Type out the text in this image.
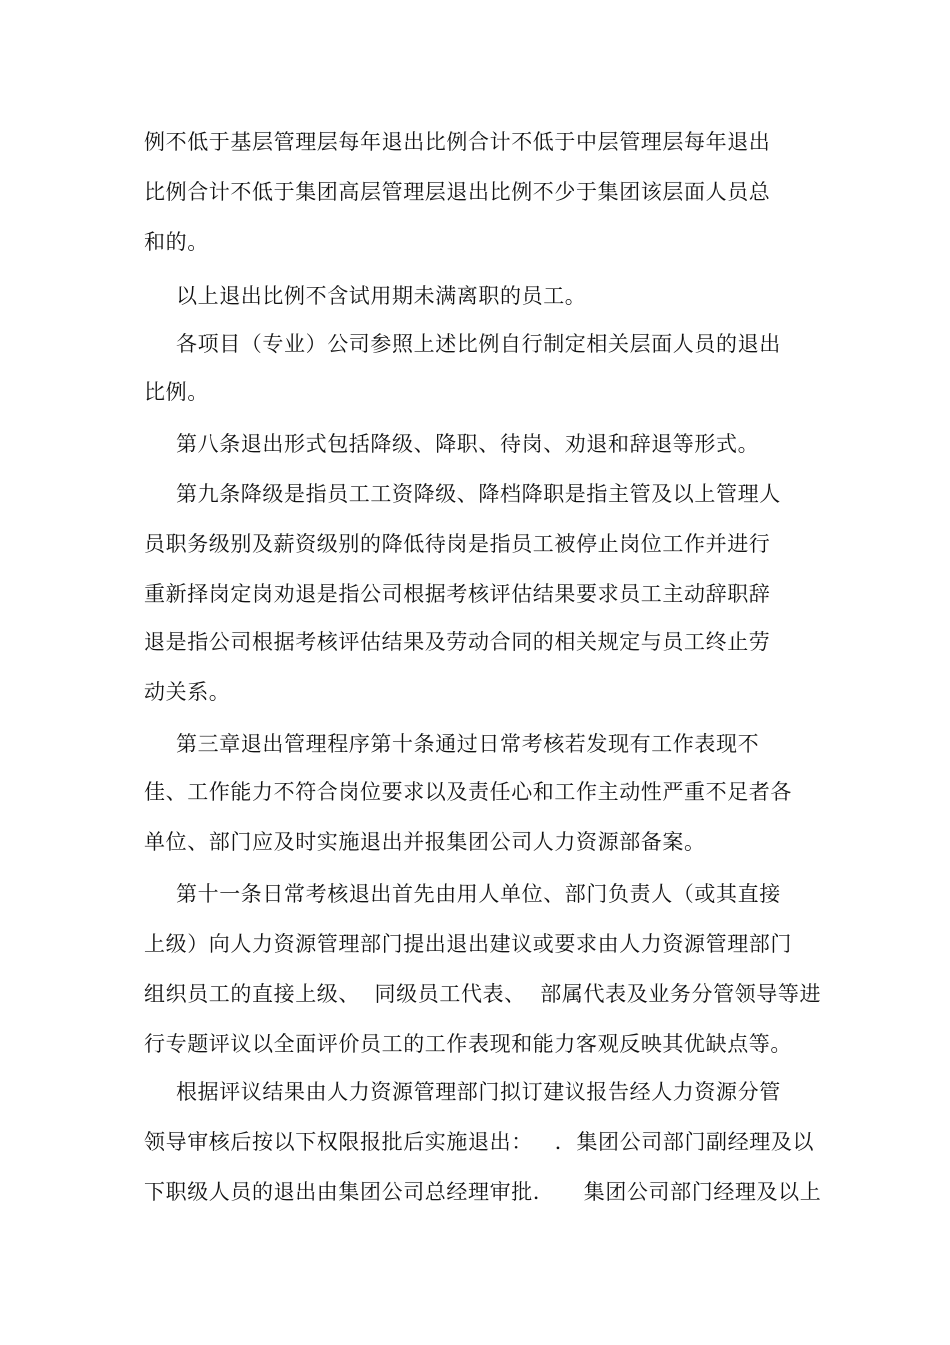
例不低于基层管理层每年退出比例合计不低于中层管理层每年退出
比例合计不低于集团高层管理层退出比例不少于集团该层面人员总
和的。
以上退出比例不含试用期未满离职的员工。
各项目（专业）公司参照上述比例自行制定相关层面人员的退出
比例。
第八条退出形式包括降级、降职、待岗、劝退和辞退等形式。
第九条降级是指员工工资降级、降档降职是指主管及以上管理人
员职务级别及薪资级别的降低待岗是指员工被停止岗位工作并进行
重新择岗定岗劝退是指公司根据考核评估结果要求员工主动辞职辞
退是指公司根据考核评估结果及劳动合同的相关规定与员工终止劳
动关系。
第三章退出管理程序第十条通过日常考核若发现有工作表现不
佳、工作能力不符合岗位要求以及责任心和工作主动性严重不足者各
单位、部门应及时实施退出并报集团公司人力资源部备案。
第十一条日常考核退出首先由用人单位、部门负责人（或其直接
上级）向人力资源管理部门提出退出建议或要求由人力资源管理部门
组织员工的直接上级、  同级员工代表、  部属代表及业务分管领导等进
行专题评议以全面评价员工的工作表现和能力客观反映其优缺点等。
根据评议结果由人力资源管理部门拟订建议报告经人力资源分管
领导审核后按以下权限报批后实施退出：   .  集团公司部门副经理及以
下职级人员的退出由集团公司总经理审批.      集团公司部门经理及以上
